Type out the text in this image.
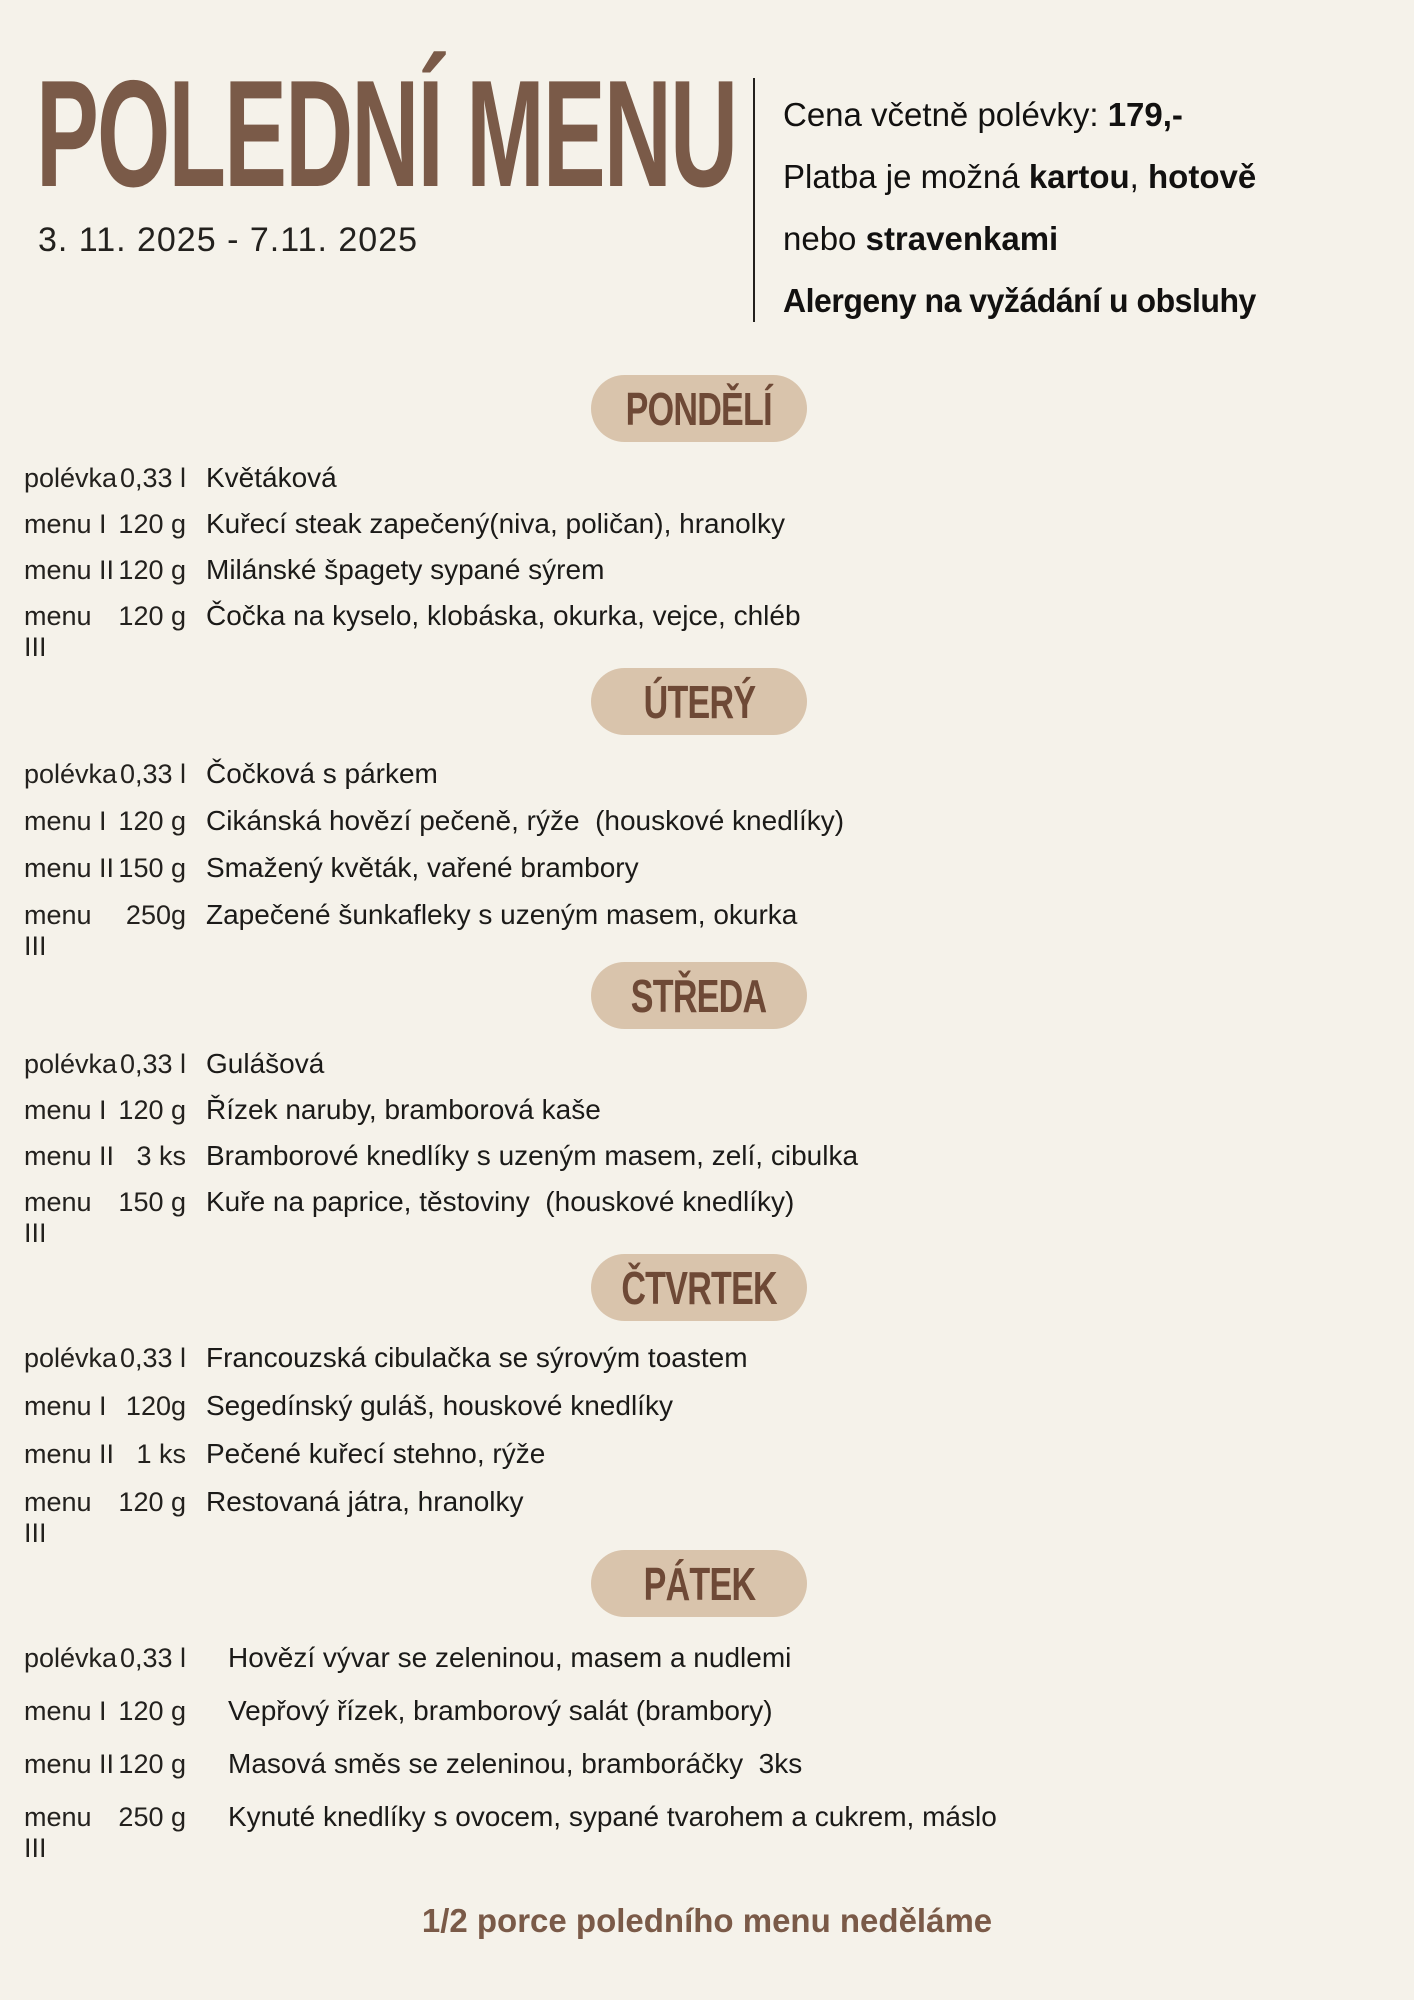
POLEDNÍ MENU
3. 11. 2025 - 7.11. 2025

Cena včetně polévky: 179,-

Platba je možná kartou, hotově

nebo stravenkami

Alergeny na vyžádání u obsluhy

PONDĚLÍ
polévka 0,33 l Květáková
menu I 120 g Kuřecí steak zapečený(niva, poličan), hranolky
menu II 120 g Milánské špagety sypané sýrem
menu III
120 g Čočka na kyselo, klobáska, okurka, vejce, chléb
ÚTERÝ
polévka 0,33 l Čočková s párkem
menu I 120 g Cikánská hovězí pečeně, rýže  (houskové knedlíky)
menu II 150 g Smažený květák, vařené brambory
menu III
250g Zapečené šunkafleky s uzeným masem, okurka
STŘEDA
polévka 0,33 l Gulášová
menu I 120 g Řízek naruby, bramborová kaše
menu II 3 ks Bramborové knedlíky s uzeným masem, zelí, cibulka
menu III
150 g Kuře na paprice, těstoviny  (houskové knedlíky)
ČTVRTEK
polévka 0,33 l Francouzská cibulačka se sýrovým toastem
menu I 120g Segedínský guláš, houskové knedlíky
menu II 1 ks Pečené kuřecí stehno, rýže
menu III
120 g Restovaná játra, hranolky
PÁTEK
polévka 0,33 l Hovězí vývar se zeleninou, masem a nudlemi
menu I 120 g Vepřový řízek, bramborový salát (brambory)
menu II 120 g Masová směs se zeleninou, bramboráčky  3ks
menu III
250 g Kynuté knedlíky s ovocem, sypané tvarohem a cukrem, máslo
1/2 porce poledního menu neděláme
